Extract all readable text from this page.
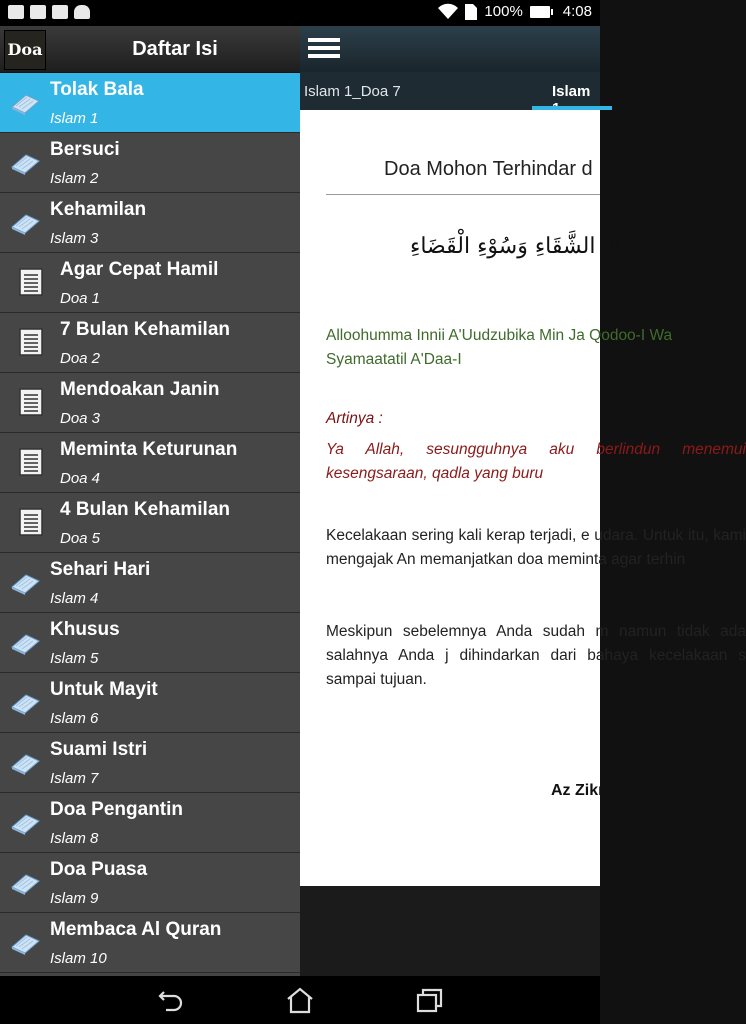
100%	4:08
Doa	Daftar Isi
Tolak Bala
Islam 1
Bersuci
Islam 2
Kehamilan
Islam 3
Agar Cepat Hamil
Doa 1
7 Bulan Kehamilan
Doa 2
Mendoakan Janin
Doa 3
Meminta Keturunan
Doa 4
4 Bulan Kehamilan
Doa 5
Sehari Hari
Islam 4
Khusus
Islam 5
Untuk Mayit
Islam 6
Suami Istri
Islam 7
Doa Pengantin
Islam 8
Doa Puasa
Islam 9
Membaca Al Quran
Islam 10
Islam 1_Doa 7	Islam
Doa Mohon Terhindar d
زِكَ الشَّقَاءِ وَسُوْءِ الْقَضَاءِ
Alloohumma Innii A'Uudzubika Min Ja Qodoo-I Wa Syamaatatil A'Daa-I
Artinya :
Ya Allah, sesungguhnya aku berlindun menemui kesengsaraan, qadla yang buru
Kecelakaan sering kali kerap terjadi, e udara. Untuk itu, kami mengajak An memanjatkan doa meminta agar terhin
Meskipun sebelemnya Anda sudah m namun tidak ada salahnya Anda j dihindarkan dari bahaya kecelakaan s sampai tujuan.
Az Zikr
